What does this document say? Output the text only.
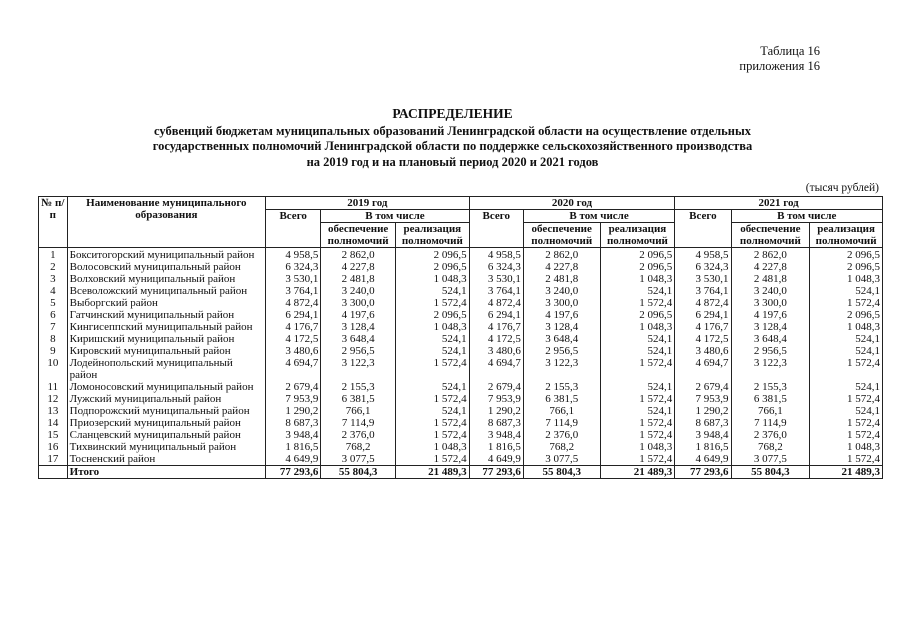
Таблица 16
приложения 16
РАСПРЕДЕЛЕНИЕ
субвенций бюджетам муниципальных образований Ленинградской области на осуществление отдельных
государственных полномочий Ленинградской области по поддержке сельскохозяйственного производства
на 2019 год и на плановый период 2020 и 2021 годов
(тысяч рублей)
№ п/п	Наименование муниципального образования	2019 год			2020 год			2021 год		
		Всего	В том числе		Всего	В том числе		Всего	В том числе	
			обеспечение полномочий	реализация полномочий		обеспечение полномочий	реализация полномочий		обеспечение полномочий	реализация полномочий
1	Бокситогорский муниципальный район	4 958,5	2 862,0	2 096,5	4 958,5	2 862,0	2 096,5	4 958,5	2 862,0	2 096,5
2	Волосовский муниципальный район	6 324,3	4 227,8	2 096,5	6 324,3	4 227,8	2 096,5	6 324,3	4 227,8	2 096,5
3	Волховский муниципальный район	3 530,1	2 481,8	1 048,3	3 530,1	2 481,8	1 048,3	3 530,1	2 481,8	1 048,3
4	Всеволожский муниципальный район	3 764,1	3 240,0	524,1	3 764,1	3 240,0	524,1	3 764,1	3 240,0	524,1
5	Выборгский район	4 872,4	3 300,0	1 572,4	4 872,4	3 300,0	1 572,4	4 872,4	3 300,0	1 572,4
6	Гатчинский муниципальный район	6 294,1	4 197,6	2 096,5	6 294,1	4 197,6	2 096,5	6 294,1	4 197,6	2 096,5
7	Кингисеппский муниципальный район	4 176,7	3 128,4	1 048,3	4 176,7	3 128,4	1 048,3	4 176,7	3 128,4	1 048,3
8	Киришский муниципальный район	4 172,5	3 648,4	524,1	4 172,5	3 648,4	524,1	4 172,5	3 648,4	524,1
9	Кировский муниципальный район	3 480,6	2 956,5	524,1	3 480,6	2 956,5	524,1	3 480,6	2 956,5	524,1
10	Лодейнопольский муниципальный район	4 694,7	3 122,3	1 572,4	4 694,7	3 122,3	1 572,4	4 694,7	3 122,3	1 572,4
11	Ломоносовский муниципальный район	2 679,4	2 155,3	524,1	2 679,4	2 155,3	524,1	2 679,4	2 155,3	524,1
12	Лужский муниципальный район	7 953,9	6 381,5	1 572,4	7 953,9	6 381,5	1 572,4	7 953,9	6 381,5	1 572,4
13	Подпорожский муниципальный район	1 290,2	766,1	524,1	1 290,2	766,1	524,1	1 290,2	766,1	524,1
14	Приозерский муниципальный район	8 687,3	7 114,9	1 572,4	8 687,3	7 114,9	1 572,4	8 687,3	7 114,9	1 572,4
15	Сланцевский муниципальный район	3 948,4	2 376,0	1 572,4	3 948,4	2 376,0	1 572,4	3 948,4	2 376,0	1 572,4
16	Тихвинский муниципальный район	1 816,5	768,2	1 048,3	1 816,5	768,2	1 048,3	1 816,5	768,2	1 048,3
17	Тосненский район	4 649,9	3 077,5	1 572,4	4 649,9	3 077,5	1 572,4	4 649,9	3 077,5	1 572,4
	Итого	77 293,6	55 804,3	21 489,3	77 293,6	55 804,3	21 489,3	77 293,6	55 804,3	21 489,3
